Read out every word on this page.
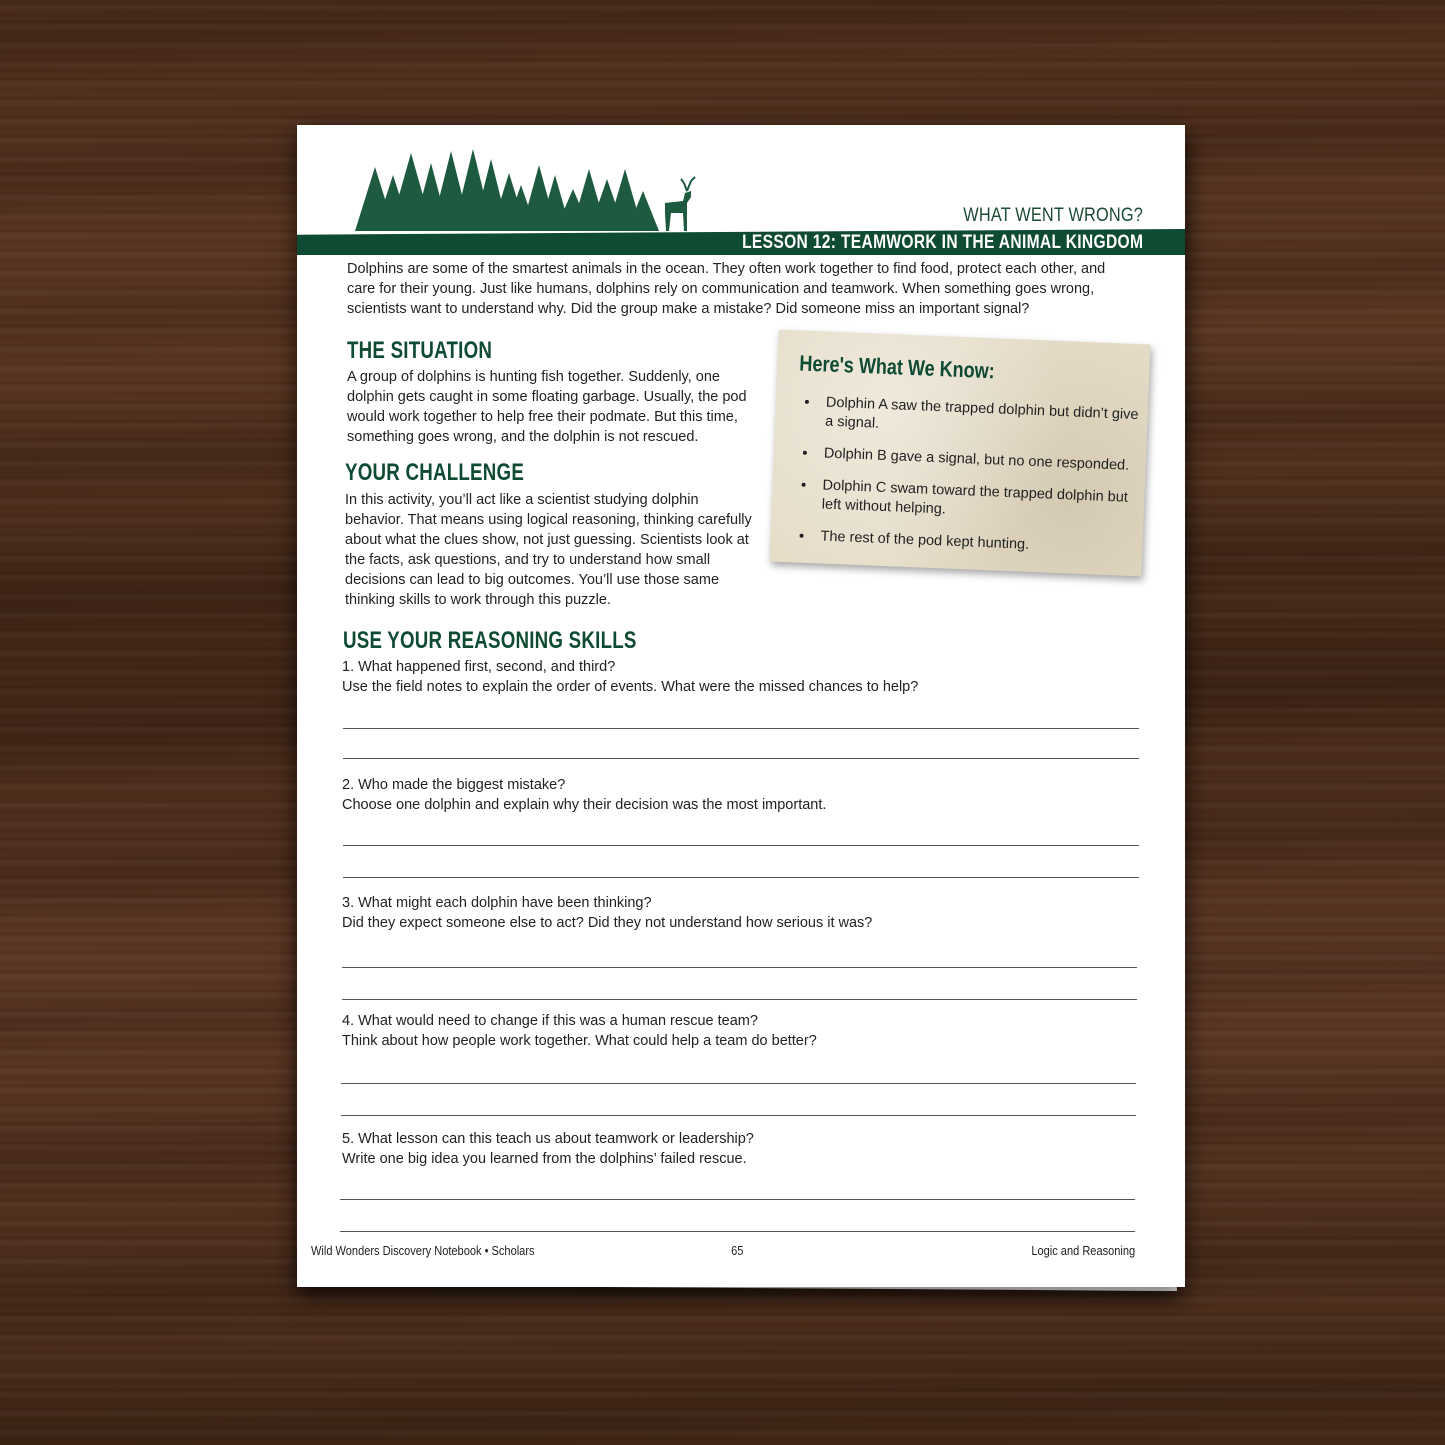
WHAT WENT WRONG?
LESSON 12: TEAMWORK IN THE ANIMAL KINGDOM
Dolphins are some of the smartest animals in the ocean. They often work together to find food, protect each other, and care for their young. Just like humans, dolphins rely on communication and teamwork. When something goes wrong, scientists want to understand why. Did the group make a mistake? Did someone miss an important signal?
THE SITUATION
A group of dolphins is hunting fish together. Suddenly, one dolphin gets caught in some floating garbage. Usually, the pod would work together to help free their podmate. But this time, something goes wrong, and the dolphin is not rescued.
YOUR CHALLENGE
In this activity, you’ll act like a scientist studying dolphin behavior. That means using logical reasoning, thinking carefully about what the clues show, not just guessing. Scientists look at the facts, ask questions, and try to understand how small decisions can lead to big outcomes. You’ll use those same thinking skills to work through this puzzle.
Here's What We Know:
• Dolphin A saw the trapped dolphin but didn’t give a signal.
• Dolphin B gave a signal, but no one responded.
• Dolphin C swam toward the trapped dolphin but left without helping.
• The rest of the pod kept hunting.
USE YOUR REASONING SKILLS
1. What happened first, second, and third?
Use the field notes to explain the order of events. What were the missed chances to help?
2. Who made the biggest mistake?
Choose one dolphin and explain why their decision was the most important.
3. What might each dolphin have been thinking?
Did they expect someone else to act? Did they not understand how serious it was?
4. What would need to change if this was a human rescue team?
Think about how people work together. What could help a team do better?
5. What lesson can this teach us about teamwork or leadership?
Write one big idea you learned from the dolphins’ failed rescue.
Wild Wonders Discovery Notebook • Scholars	65	Logic and Reasoning
